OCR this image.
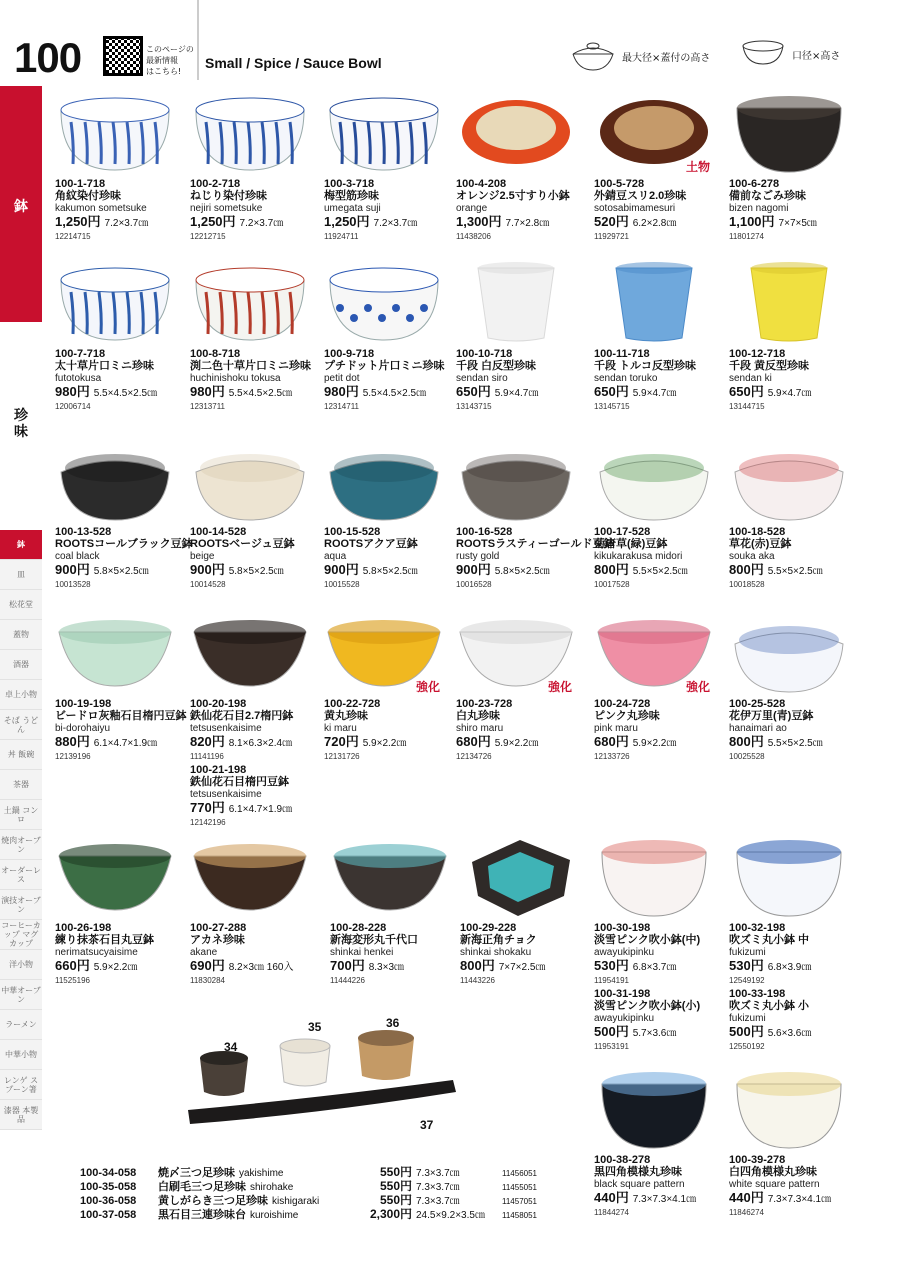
100	このページの
最新情報
はこちら!
Small / Spice / Sauce Bowl	最大径×蓋付の高さ	口径×高さ
鉢
珍味
鉢
皿
松花堂
蓋物
酒器
卓上小物
そば うどん
丼 飯碗
茶器
土鍋 コンロ
焼肉オーブン
オーダーレス
演技オーブン
コーヒーカップ マグカップ
洋小物
中華オーブン
ラーメン
中華小物
レンゲ スプーン箸
漆器 本製品
100-1-718
角紋染付珍味
kakumon sometsuke
1,250円 7.2×3.7㎝
12214715
100-2-718
ねじり染付珍味
nejiri sometsuke
1,250円 7.2×3.7㎝
12212715
100-3-718
梅型筋珍味
umegata suji
1,250円 7.2×3.7㎝
11924711
100-4-208
オレンジ2.5寸すり小鉢
orange
1,300円 7.7×2.8㎝
11438206
100-5-728
外錆豆スリ2.0珍味
sotosabimamesuri
520円 6.2×2.8㎝
11929721
土物
100-6-278
備前なごみ珍味
bizen nagomi
1,100円 7×7×5㎝
11801274
100-7-718
太十草片口ミニ珍味
futotokusa
980円 5.5×4.5×2.5㎝
12006714
100-8-718
渕二色十草片口ミニ珍味
huchinishoku tokusa
980円 5.5×4.5×2.5㎝
12313711
100-9-718
プチドット片口ミニ珍味
petit dot
980円 5.5×4.5×2.5㎝
12314711
100-10-718
千段 白反型珍味
sendan siro
650円 5.9×4.7㎝
13143715
100-11-718
千段 トルコ反型珍味
sendan toruko
650円 5.9×4.7㎝
13145715
100-12-718
千段 黄反型珍味
sendan ki
650円 5.9×4.7㎝
13144715
100-13-528
ROOTSコールブラック豆鉢
coal black
900円 5.8×5×2.5㎝
10013528
100-14-528
ROOTSベージュ豆鉢
beige
900円 5.8×5×2.5㎝
10014528
100-15-528
ROOTSアクア豆鉢
aqua
900円 5.8×5×2.5㎝
10015528
100-16-528
ROOTSラスティーゴールド豆鉢
rusty gold
900円 5.8×5×2.5㎝
10016528
100-17-528
菊唐草(緑)豆鉢
kikukarakusa midori
800円 5.5×5×2.5㎝
10017528
100-18-528
草花(赤)豆鉢
souka aka
800円 5.5×5×2.5㎝
10018528
100-19-198
ビードロ灰釉石目楕円豆鉢
bi-dorohaiyu
880円 6.1×4.7×1.9㎝
12139196
100-20-198
鉄仙花石目2.7楕円鉢
tetsusenkaisime
820円 8.1×6.3×2.4㎝
11141196
100-21-198
鉄仙花石目楕円豆鉢
tetsusenkaisime
770円 6.1×4.7×1.9㎝
12142196
100-22-728
黄丸珍味
ki maru
720円 5.9×2.2㎝
12131726
強化
100-23-728
白丸珍味
shiro maru
680円 5.9×2.2㎝
12134726
強化
100-24-728
ピンク丸珍味
pink maru
680円 5.9×2.2㎝
12133726
強化
100-25-528
花伊万里(青)豆鉢
hanaimari ao
800円 5.5×5×2.5㎝
10025528
100-26-198
練り抹茶石目丸豆鉢
nerimatsucyaisime
660円 5.9×2.2㎝
11525196
100-27-288
アカネ珍味
akane
690円 8.2×3㎝ 160入
11830284
100-28-228
新海変形丸千代口
shinkai henkei
700円 8.3×3㎝
11444226
100-29-228
新海正角チョク
shinkai shokaku
800円 7×7×2.5㎝
11443226
100-30-198
淡雪ピンク吹小鉢(中)
awayukipinku
530円 6.8×3.7㎝
11954191
100-31-198
淡雪ピンク吹小鉢(小)
awayukipinku
500円 5.7×3.6㎝
11953191
100-32-198
吹ズミ丸小鉢 中
fukizumi
530円 6.8×3.9㎝
12549192
100-33-198
吹ズミ丸小鉢 小
fukizumi
500円 5.6×3.6㎝
12550192
100-38-278
黒四角模様丸珍味
black square pattern
440円 7.3×7.3×4.1㎝
11844274
100-39-278
白四角模様丸珍味
white square pattern
440円 7.3×7.3×4.1㎝
11846274
34
35	36
37
100-34-058	焼〆三つ足珍味 yakishime	550円 7.3×3.7㎝	11456051
100-35-058	白刷毛三つ足珍味 shirohake	550円 7.3×3.7㎝	11455051
100-36-058	黄しがらき三つ足珍味 kishigaraki	550円 7.3×3.7㎝	11457051
100-37-058	黒石目三連珍味台 kuroishime	2,300円 24.5×9.2×3.5㎝	11458051
